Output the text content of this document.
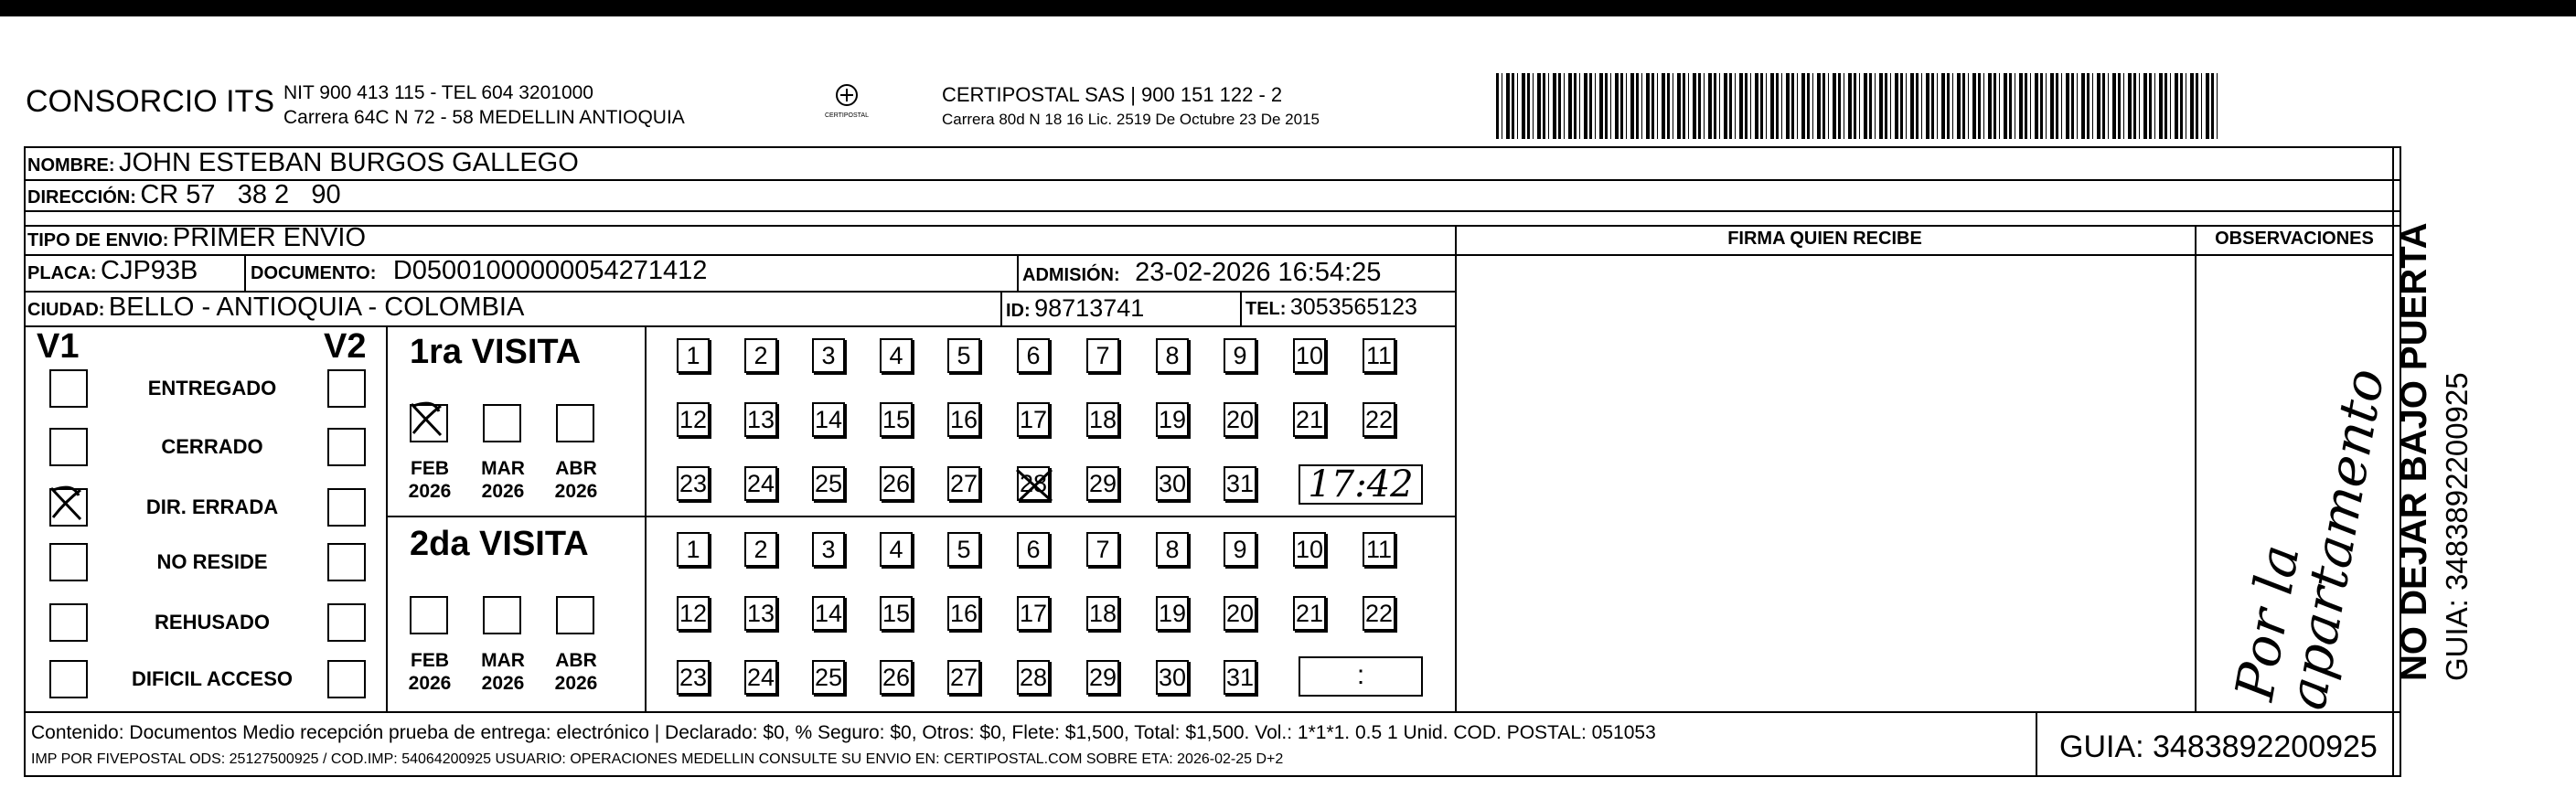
CONSORCIO ITS NIT 900 413 115 - TEL 604 3201000
Carrera 64C N 72 - 58 MEDELLIN ANTIOQUIA	CERTIPOSTAL
CERTIPOSTAL SAS | 900 151 122 - 2
Carrera 80d N 18 16 Lic. 2519 De Octubre 23 De 2015
NOMBRE: JOHN ESTEBAN BURGOS GALLEGO
DIRECCIÓN: CR 57   38 2   90
TIPO DE ENVIO: PRIMER ENVIO
PLACA: CJP93B	DOCUMENTO: D05001000000054271412	ADMISIÓN: 23-02-2026 16:54:25
CIUDAD: BELLO - ANTIOQUIA - COLOMBIA	ID: 98713741	TEL: 3053565123
FIRMA QUIEN RECIBE	OBSERVACIONES
Por la apartamento
V1	V2
ENTREGADO
CERRADO
DIR. ERRADA
NO RESIDE
REHUSADO
DIFICIL ACCESO
1ra VISITA
2da VISITA
FEB
2026
MAR
2026
ABR
2026
FEB
2026
MAR
2026
ABR
2026
1	2	3	4	5	6	7	8	9	10 11
12 13 14 15 16 17 18 19 20 21 22
23 24 25 26 27 28 29 30 31
1	2	3	4	5	6	7	8	9	10 11
12 13 14 15 16 17 18 19 20 21 22
23 24 25 26 27 28 29 30 31
17:42
:
Contenido: Documentos Medio recepción prueba de entrega: electrónico | Declarado: $0, % Seguro: $0, Otros: $0, Flete: $1,500, Total: $1,500. Vol.: 1*1*1. 0.5 1 Unid. COD. POSTAL: 051053
IMP POR FIVEPOSTAL ODS: 25127500925 / COD.IMP: 54064200925 USUARIO: OPERACIONES MEDELLIN CONSULTE SU ENVIO EN: CERTIPOSTAL.COM SOBRE ETA: 2026-02-25 D+2	GUIA: 3483892200925
NO DEJAR BAJO PUERTA GUIA: 3483892200925
